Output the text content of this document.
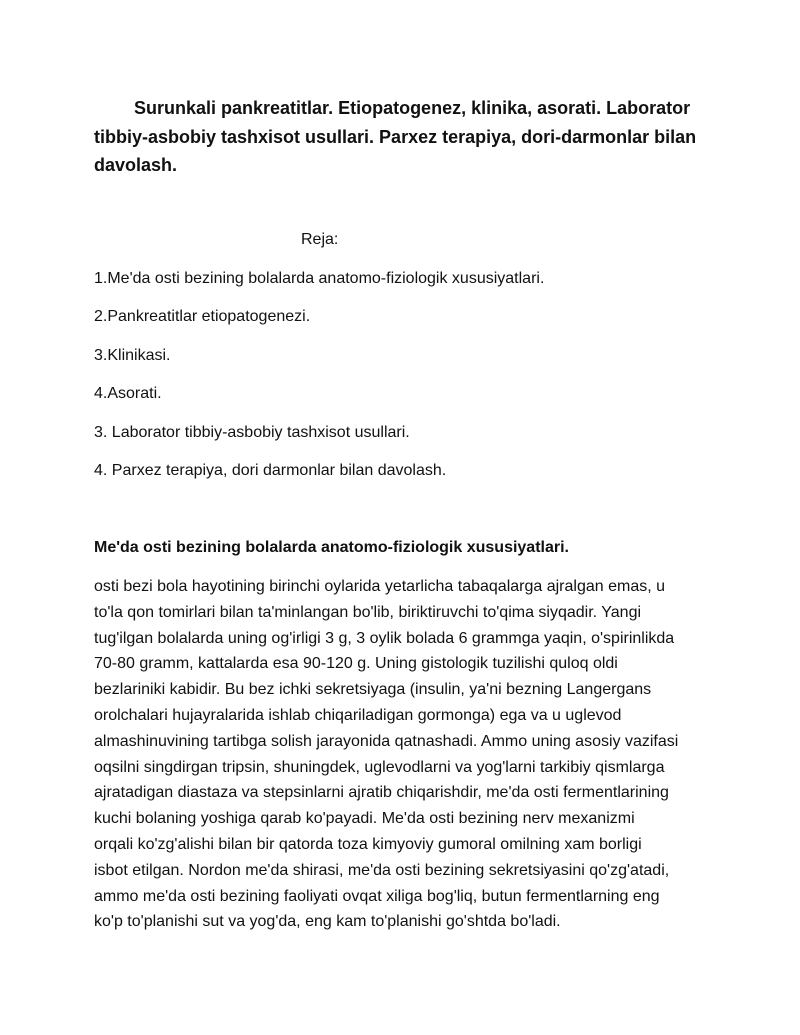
Surunkali pankreatitlar. Etiopatogenez, klinika, asorati. Laborator tibbiy-asbobiy tashxisot usullari. Parxez terapiya, dori-darmonlar bilan davolash.

Reja:

1.Me'da osti bezining bolalarda anatomo-fiziologik xususiyatlari.
2.Pankreatitlar etiopatogenezi.
3.Klinikasi.
4.Asorati.
3. Laborator tibbiy-asbobiy tashxisot usullari.
4. Parxez terapiya, dori darmonlar bilan davolash.

Me'da osti bezining bolalarda anatomo-fiziologik xususiyatlari.

osti bezi bola hayotining birinchi oylarida yetarlicha tabaqalarga ajralgan emas, u
to'la qon tomirlari bilan ta'minlangan bo'lib, biriktiruvchi to'qima siyqadir. Yangi
tug'ilgan bolalarda uning og'irligi 3 g, 3 oylik bolada 6 grammga yaqin, o'spirinlikda
70-80 gramm, kattalarda esa 90-120 g. Uning gistologik tuzilishi quloq oldi
bezlariniki kabidir. Bu bez ichki sekretsiyaga (insulin, ya'ni bezning Langergans
orolchalari hujayralarida ishlab chiqariladigan gormonga) ega va u uglevod
almashinuvining tartibga solish jarayonida qatnashadi. Ammo uning asosiy vazifasi
oqsilni singdirgan tripsin, shuningdek, uglevodlarni va yog'larni tarkibiy qismlarga
ajratadigan diastaza va stepsinlarni ajratib chiqarishdir, me'da osti fermentlarining
kuchi bolaning yoshiga qarab ko'payadi. Me'da osti bezining nerv mexanizmi
orqali ko'zg'alishi bilan bir qatorda toza kimyoviy gumoral omilning xam borligi
isbot etilgan. Nordon me'da shirasi, me'da osti bezining sekretsiyasini qo'zg'atadi,
ammo me'da osti bezining faoliyati ovqat xiliga bog'liq, butun fermentlarning eng
ko'p to'planishi sut va yog'da, eng kam to'planishi go'shtda bo'ladi.
